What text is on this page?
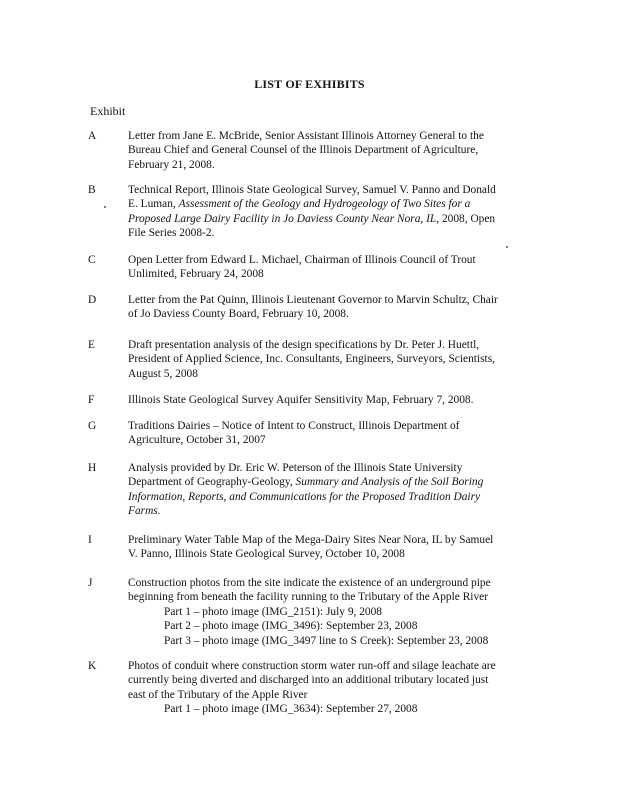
LIST OF EXHIBITS
Exhibit
A	Letter from Jane E. McBride, Senior Assistant Illinois Attorney General to the
Bureau Chief and General Counsel of the Illinois Department of Agriculture,
February 21, 2008.
B	Technical Report, Illinois State Geological Survey, Samuel V. Panno and Donald
E. Luman, Assessment of the Geology and Hydrogeology of Two Sites for a
Proposed Large Dairy Facility in Jo Daviess County Near Nora, IL, 2008, Open
File Series 2008-2.
C	Open Letter from Edward L. Michael, Chairman of Illinois Council of Trout
Unlimited, February 24, 2008
D	Letter from the Pat Quinn, Illinois Lieutenant Governor to Marvin Schultz, Chair
of Jo Daviess County Board, February 10, 2008.
E	Draft presentation analysis of the design specifications by Dr. Peter J. Huettl,
President of Applied Science, Inc. Consultants, Engineers, Surveyors, Scientists,
August 5, 2008
F	Illinois State Geological Survey Aquifer Sensitivity Map, February 7, 2008.
G	Traditions Dairies – Notice of Intent to Construct, Illinois Department of
Agriculture, October 31, 2007
H	Analysis provided by Dr. Eric W. Peterson of the Illinois State University
Department of Geography-Geology, Summary and Analysis of the Soil Boring
Information, Reports, and Communications for the Proposed Tradition Dairy
Farms.
I	Preliminary Water Table Map of the Mega-Dairy Sites Near Nora, IL by Samuel
V. Panno, Illinois State Geological Survey, October 10, 2008
J	Construction photos from the site indicate the existence of an underground pipe
beginning from beneath the facility running to the Tributary of the Apple River
Part 1 – photo image (IMG_2151): July 9, 2008
Part 2 – photo image (IMG_3496): September 23, 2008
Part 3 – photo image (IMG_3497 line to S Creek): September 23, 2008
K	Photos of conduit where construction storm water run-off and silage leachate are
currently being diverted and discharged into an additional tributary located just
east of the Tributary of the Apple River
Part 1 – photo image (IMG_3634): September 27, 2008
